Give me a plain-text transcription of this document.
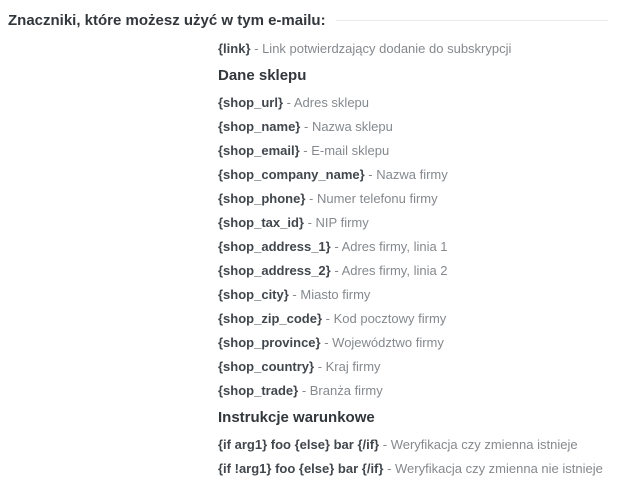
Znaczniki, które możesz użyć w tym e-mailu:
{link} - Link potwierdzający dodanie do subskrypcji
Dane sklepu
{shop_url} - Adres sklepu
{shop_name} - Nazwa sklepu
{shop_email} - E-mail sklepu
{shop_company_name} - Nazwa firmy
{shop_phone} - Numer telefonu firmy
{shop_tax_id} - NIP firmy
{shop_address_1} - Adres firmy, linia 1
{shop_address_2} - Adres firmy, linia 2
{shop_city} - Miasto firmy
{shop_zip_code} - Kod pocztowy firmy
{shop_province} - Województwo firmy
{shop_country} - Kraj firmy
{shop_trade} - Branża firmy
Instrukcje warunkowe
{if arg1} foo {else} bar {/if} - Weryfikacja czy zmienna istnieje
{if !arg1} foo {else} bar {/if} - Weryfikacja czy zmienna nie istnieje
